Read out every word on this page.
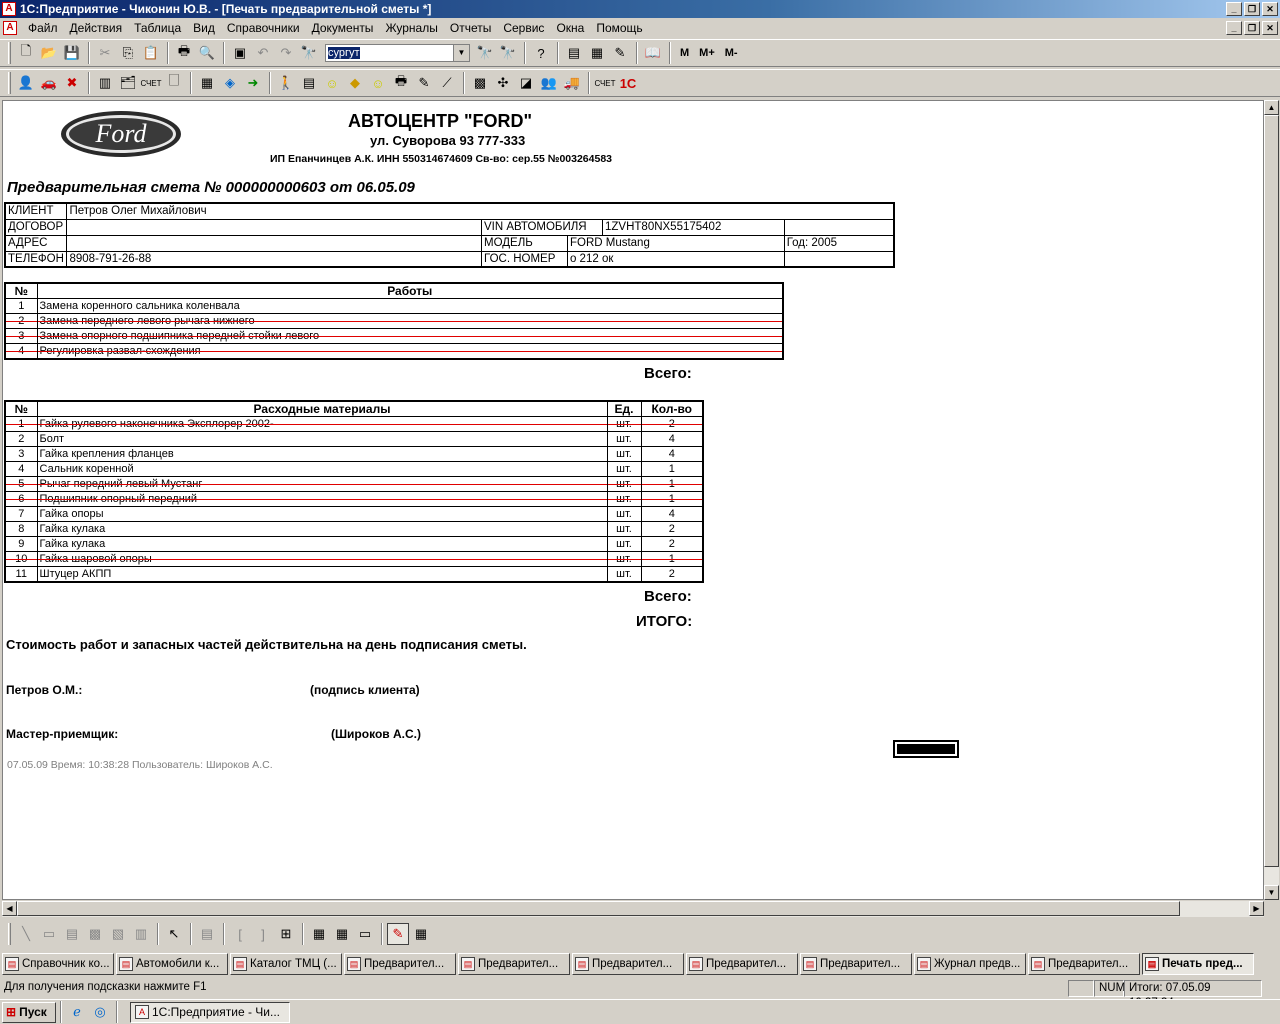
A 1С:Предприятие - Чиконин Ю.В. - [Печать предварительной сметы *]	_	❐	✕
A	Файл	Действия	Таблица	Вид	Справочники	Документы	Журналы	Отчеты	Сервис	Окна	Помощь	_	❐	✕
🗋 📂 💾	✂ ⎘ 📋	🖶 🔍	▣ ↶ ↷ 🔭 сургут	▼ 🔭 🔭	?	▤ ▦ ✎	📖 M M+ M-
👤 🚗 ✖	▥ 🗂 СЧЕТ 🗌	▦ ◈ ➜	🚶 ▤ ☺ ◆ ☺ 🖶 ✎ ⟋	▩ ✣ ◪ 👥 🚚	СЧЕТ 1С
Ford	АВТОЦЕНТР "FORD"
ул. Суворова 93 777-333
ИП Епанчинцев А.К. ИНН 550314674609 Св-во: сер.55 №003264583
Предварительная смета № 000000000603 от 06.05.09
КЛИЕНТ	Петров Олег Михайлович			
ДОГОВОР		VIN АВТОМОБИЛЯ 1ZVHT80NX55175402		

АДРЕС		МОДЕЛЬ	FORD Mustang	Год: 2005
ТЕЛЕФОН	8908-791-26-88	ГОС. НОМЕР	о 212 ок	
№	Работы
1	Замена коренного сальника коленвала
2	Замена переднего левого рычага нижнего
3	Замена опорного подшипника передней стойки левого
4	Регулировка развал-схождения
Всего:
№	Расходные материалы	Ед.	Кол-во
1	Гайка рулевого наконечника Эксплорер 2002-	шт.	2
2	Болт	шт.	4
3	Гайка крепления фланцев	шт.	4
4	Сальник коренной	шт.	1
5	Рычаг передний левый Мустанг	шт.	1
6	Подшипник опорный передний	шт.	1
7	Гайка опоры	шт.	4
8	Гайка кулака	шт.	2
9	Гайка кулака	шт.	2
10	Гайка шаровой опоры	шт.	1
11	Штуцер АКПП	шт.	2
Всего:
ИТОГО:
Стоимость работ и запасных частей действительна на день подписания сметы.
Петров О.М.:	(подпись клиента)
Мастер-приемщик:	(Широков А.С.)
07.05.09 Время: 10:38:28 Пользователь: Широков А.С.
▲
▼
◀	▶
╲ ▭ ▤ ▩ ▧ ▥	↖	▤	[	]	⊞	▦ ▦ ▭	✎ ▦
▤ Справочник ко...	▤ Автомобили к...	▤ Каталог ТМЦ (...	▤ Предварител...	▤ Предварител...	▤ Предварител...	▤ Предварител...	▤ Предварител...	▤ Журнал предв...	▤ Предварител...	▤ Печать пред...
Для получения подсказки нажмите F1	NUM Итоги: 07.05.09
⊞ Пуск	ℯ	◎	A 1С:Предприятие - Чи...
